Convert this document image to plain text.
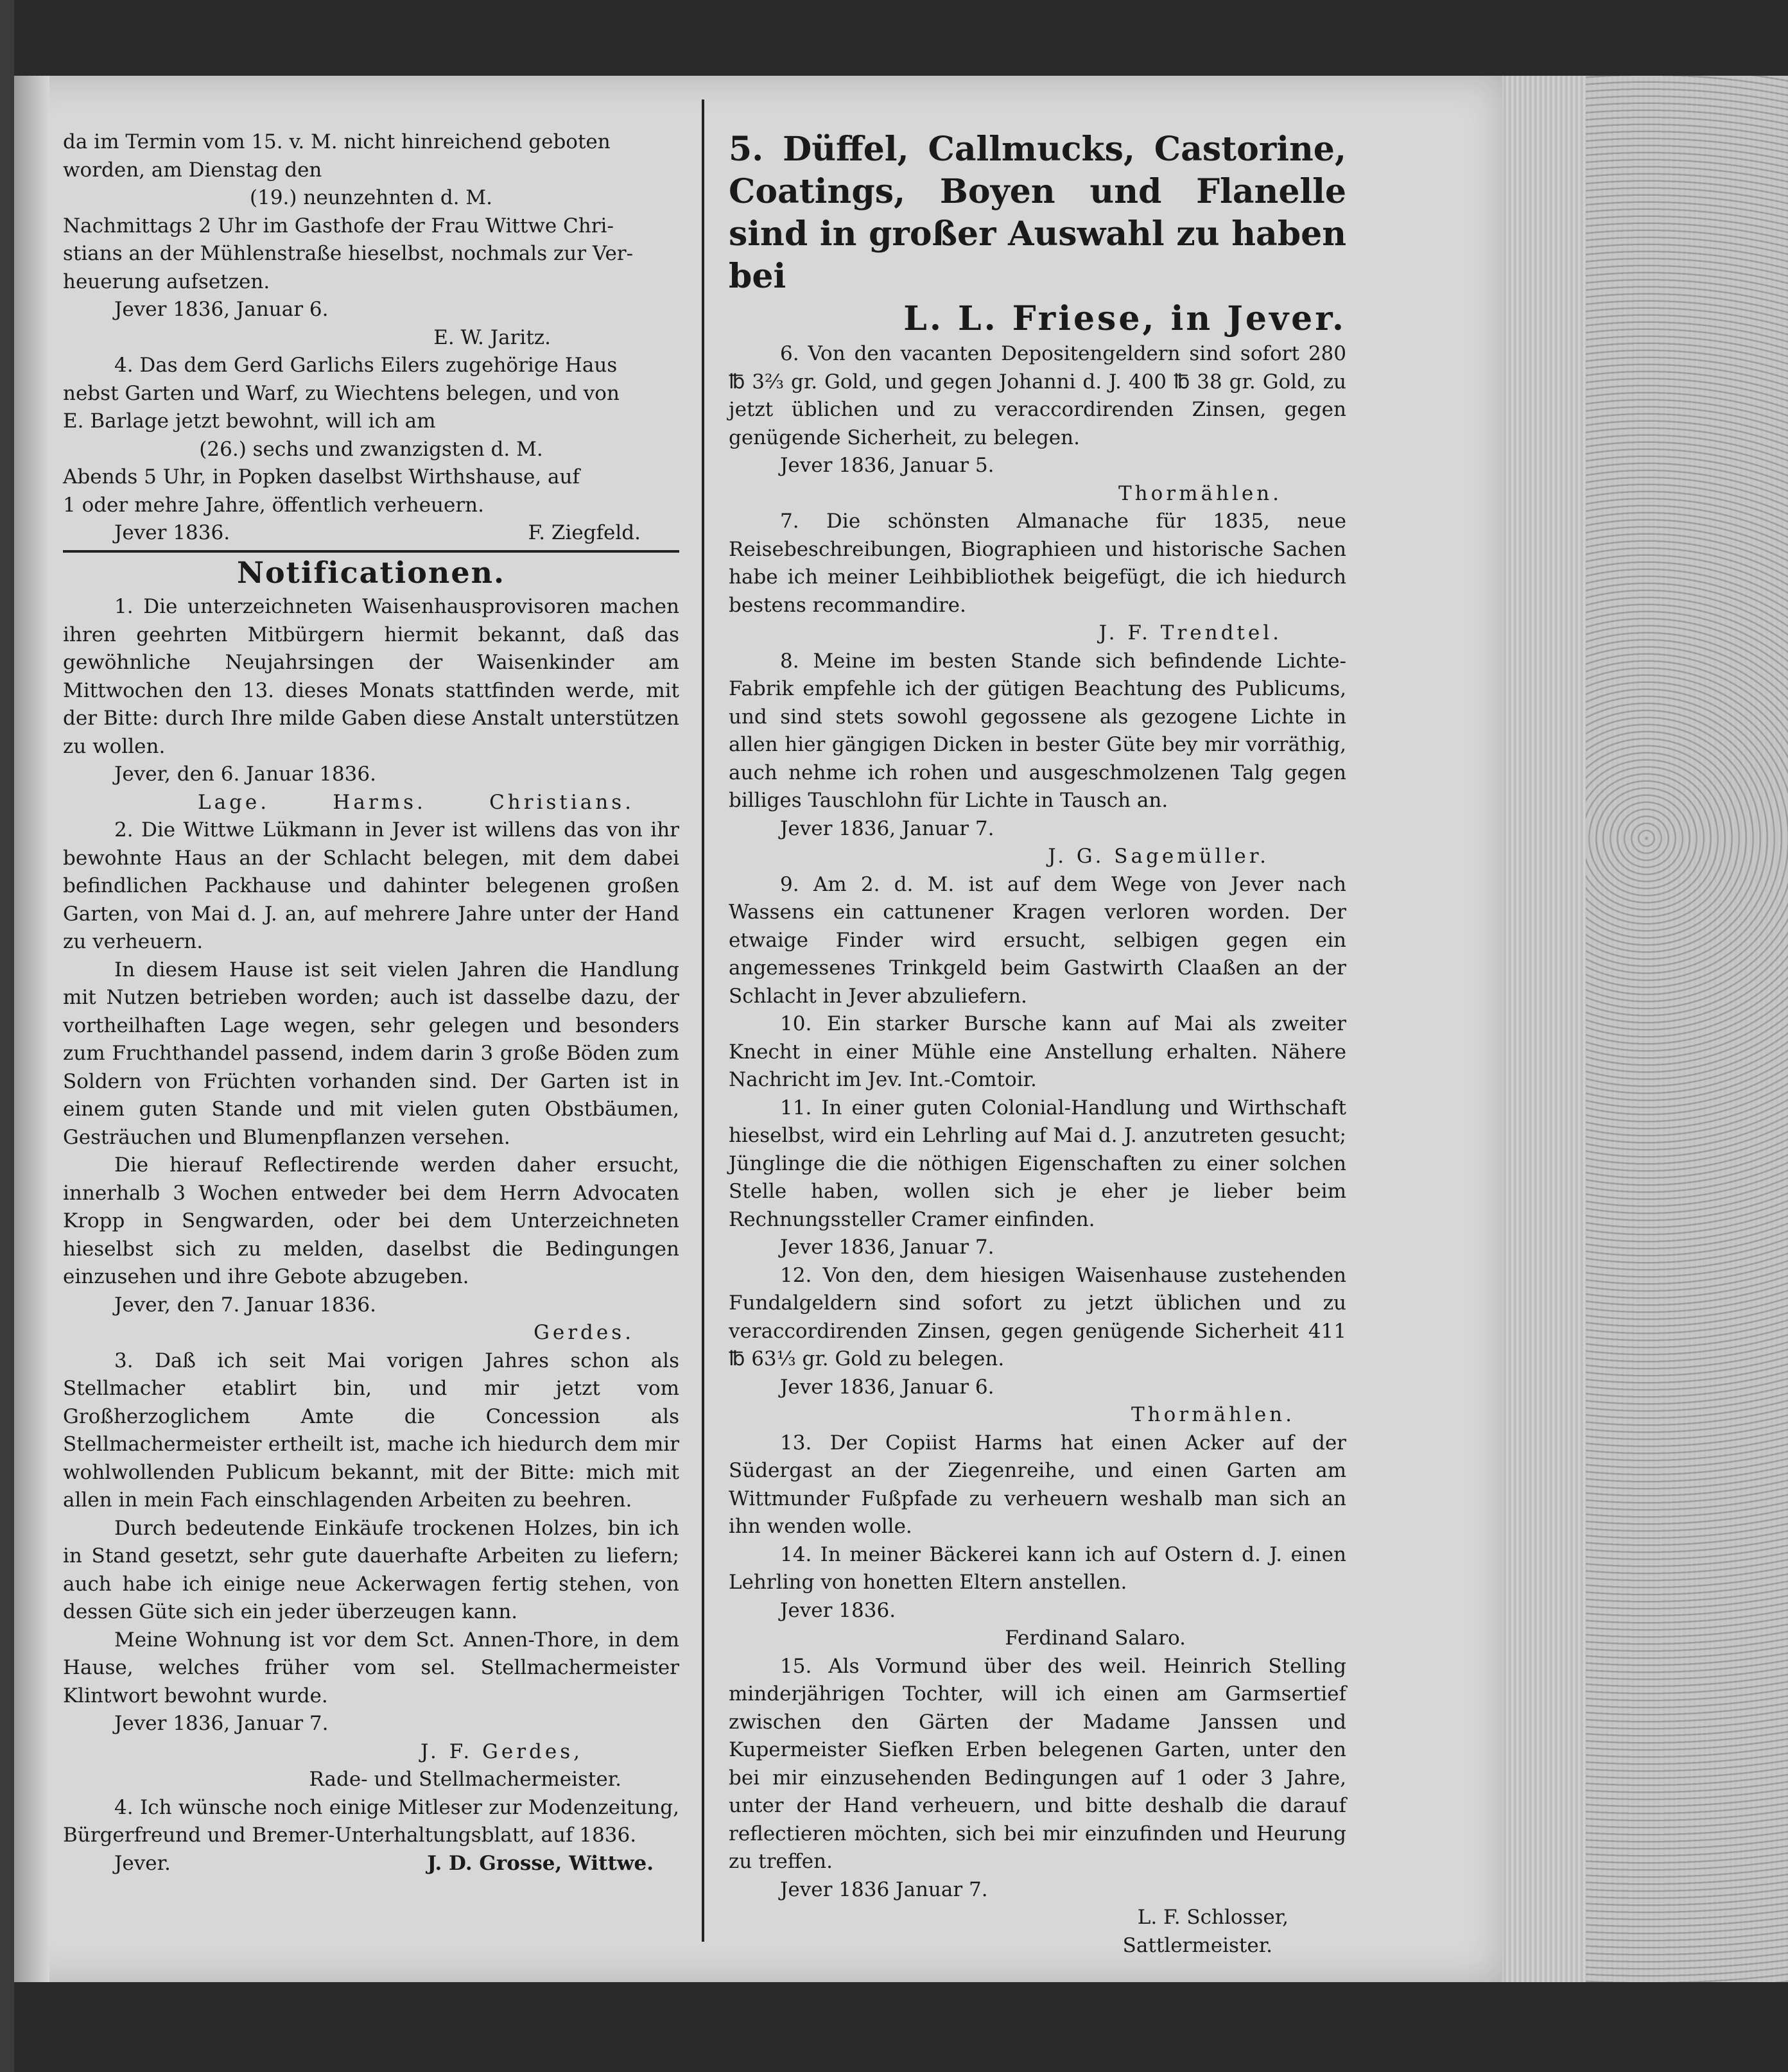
da im Termin vom 15. v. M. nicht hinreichend geboten

worden, am Dienstag den

(19.) neunzehnten d. M.

Nachmittags 2 Uhr im Gasthofe der Frau Wittwe Chri-

stians an der Mühlenstraße hieselbst, nochmals zur Ver-

heuerung aufsetzen.

Jever 1836, Januar 6.

E. W. Jaritz.

4. Das dem Gerd Garlichs Eilers zugehörige Haus

nebst Garten und Warf, zu Wiechtens belegen, und von

E. Barlage jetzt bewohnt, will ich am

(26.) sechs und zwanzigsten d. M.

Abends 5 Uhr, in Popken daselbst Wirthshause, auf

1 oder mehre Jahre, öffentlich verheuern.

Jever 1836.	F. Ziegfeld.
Notificationen.

1. Die unterzeichneten Waisenhausprovisoren machen ihren geehrten Mitbürgern hiermit bekannt, daß das gewöhnliche Neujahrsingen der Waisenkinder am Mittwochen den 13. dieses Monats stattfinden werde, mit der Bitte: durch Ihre milde Gaben diese Anstalt unterstützen zu wollen.

Jever, den 6. Januar 1836.

Lage.	Harms.	Christians.

2. Die Wittwe Lükmann in Jever ist willens das von ihr bewohnte Haus an der Schlacht belegen, mit dem dabei befindlichen Packhause und dahinter belegenen großen Garten, von Mai d. J. an, auf mehrere Jahre unter der Hand zu verheuern.

In diesem Hause ist seit vielen Jahren die Handlung mit Nutzen betrieben worden; auch ist dasselbe dazu, der vortheilhaften Lage wegen, sehr gelegen und besonders zum Fruchthandel passend, indem darin 3 große Böden zum Soldern von Früchten vorhanden sind. Der Garten ist in einem guten Stande und mit vielen guten Obstbäumen, Gesträuchen und Blumenpflanzen versehen.

Die hierauf Reflectirende werden daher ersucht, innerhalb 3 Wochen entweder bei dem Herrn Advocaten Kropp in Sengwarden, oder bei dem Unterzeichneten hieselbst sich zu melden, daselbst die Bedingungen einzusehen und ihre Gebote abzugeben.

Jever, den 7. Januar 1836.

Gerdes.

3. Daß ich seit Mai vorigen Jahres schon als Stellmacher etablirt bin, und mir jetzt vom Großherzoglichem Amte die Concession als Stellmachermeister ertheilt ist, mache ich hiedurch dem mir wohlwollenden Publicum bekannt, mit der Bitte: mich mit allen in mein Fach einschlagenden Arbeiten zu beehren.

Durch bedeutende Einkäufe trockenen Holzes, bin ich in Stand gesetzt, sehr gute dauerhafte Arbeiten zu liefern; auch habe ich einige neue Ackerwagen fertig stehen, von dessen Güte sich ein jeder überzeugen kann.

Meine Wohnung ist vor dem Sct. Annen-Thore, in dem Hause, welches früher vom sel. Stellmachermeister Klintwort bewohnt wurde.

Jever 1836, Januar 7.

J. F. Gerdes,

Rade- und Stellmachermeister.

4. Ich wünsche noch einige Mitleser zur Modenzeitung, Bürgerfreund und Bremer-Unterhaltungsblatt, auf 1836.

Jever.	J. D. Grosse, Wittwe.

5. Düffel, Callmucks, Castorine, Coatings, Boyen und Flanelle sind in großer Auswahl zu haben bei

L. L. Friese, in Jever.

6. Von den vacanten Depositengeldern sind sofort 280 ℔ 3⅔ gr. Gold, und gegen Johanni d. J. 400 ℔ 38 gr. Gold, zu jetzt üblichen und zu veraccordirenden Zinsen, gegen genügende Sicherheit, zu belegen.

Jever 1836, Januar 5.

Thormählen.

7. Die schönsten Almanache für 1835, neue Reisebeschreibungen, Biographieen und historische Sachen habe ich meiner Leihbibliothek beigefügt, die ich hiedurch bestens recommandire.

J. F. Trendtel.

8. Meine im besten Stande sich befindende Lichte-Fabrik empfehle ich der gütigen Beachtung des Publicums, und sind stets sowohl gegossene als gezogene Lichte in allen hier gängigen Dicken in bester Güte bey mir vorräthig, auch nehme ich rohen und ausgeschmolzenen Talg gegen billiges Tauschlohn für Lichte in Tausch an.

Jever 1836, Januar 7.

J. G. Sagemüller.

9. Am 2. d. M. ist auf dem Wege von Jever nach Wassens ein cattunener Kragen verloren worden. Der etwaige Finder wird ersucht, selbigen gegen ein angemessenes Trinkgeld beim Gastwirth Claaßen an der Schlacht in Jever abzuliefern.

10. Ein starker Bursche kann auf Mai als zweiter Knecht in einer Mühle eine Anstellung erhalten. Nähere Nachricht im Jev. Int.-Comtoir.

11. In einer guten Colonial-Handlung und Wirthschaft hieselbst, wird ein Lehrling auf Mai d. J. anzutreten gesucht; Jünglinge die die nöthigen Eigenschaften zu einer solchen Stelle haben, wollen sich je eher je lieber beim Rechnungssteller Cramer einfinden.

Jever 1836, Januar 7.

12. Von den, dem hiesigen Waisenhause zustehenden Fundalgeldern sind sofort zu jetzt üblichen und zu veraccordirenden Zinsen, gegen genügende Sicherheit 411 ℔ 63⅓ gr. Gold zu belegen.

Jever 1836, Januar 6.

Thormählen.

13. Der Copiist Harms hat einen Acker auf der Südergast an der Ziegenreihe, und einen Garten am Wittmunder Fußpfade zu verheuern weshalb man sich an ihn wenden wolle.

14. In meiner Bäckerei kann ich auf Ostern d. J. einen Lehrling von honetten Eltern anstellen.

Jever 1836.

Ferdinand Salaro.

15. Als Vormund über des weil. Heinrich Stelling minderjährigen Tochter, will ich einen am Garmsertief zwischen den Gärten der Madame Janssen und Kupermeister Siefken Erben belegenen Garten, unter den bei mir einzusehenden Bedingungen auf 1 oder 3 Jahre, unter der Hand verheuern, und bitte deshalb die darauf reflectieren möchten, sich bei mir einzufinden und Heurung zu treffen.

Jever 1836 Januar 7.

L. F. Schlosser,

Sattlermeister.
